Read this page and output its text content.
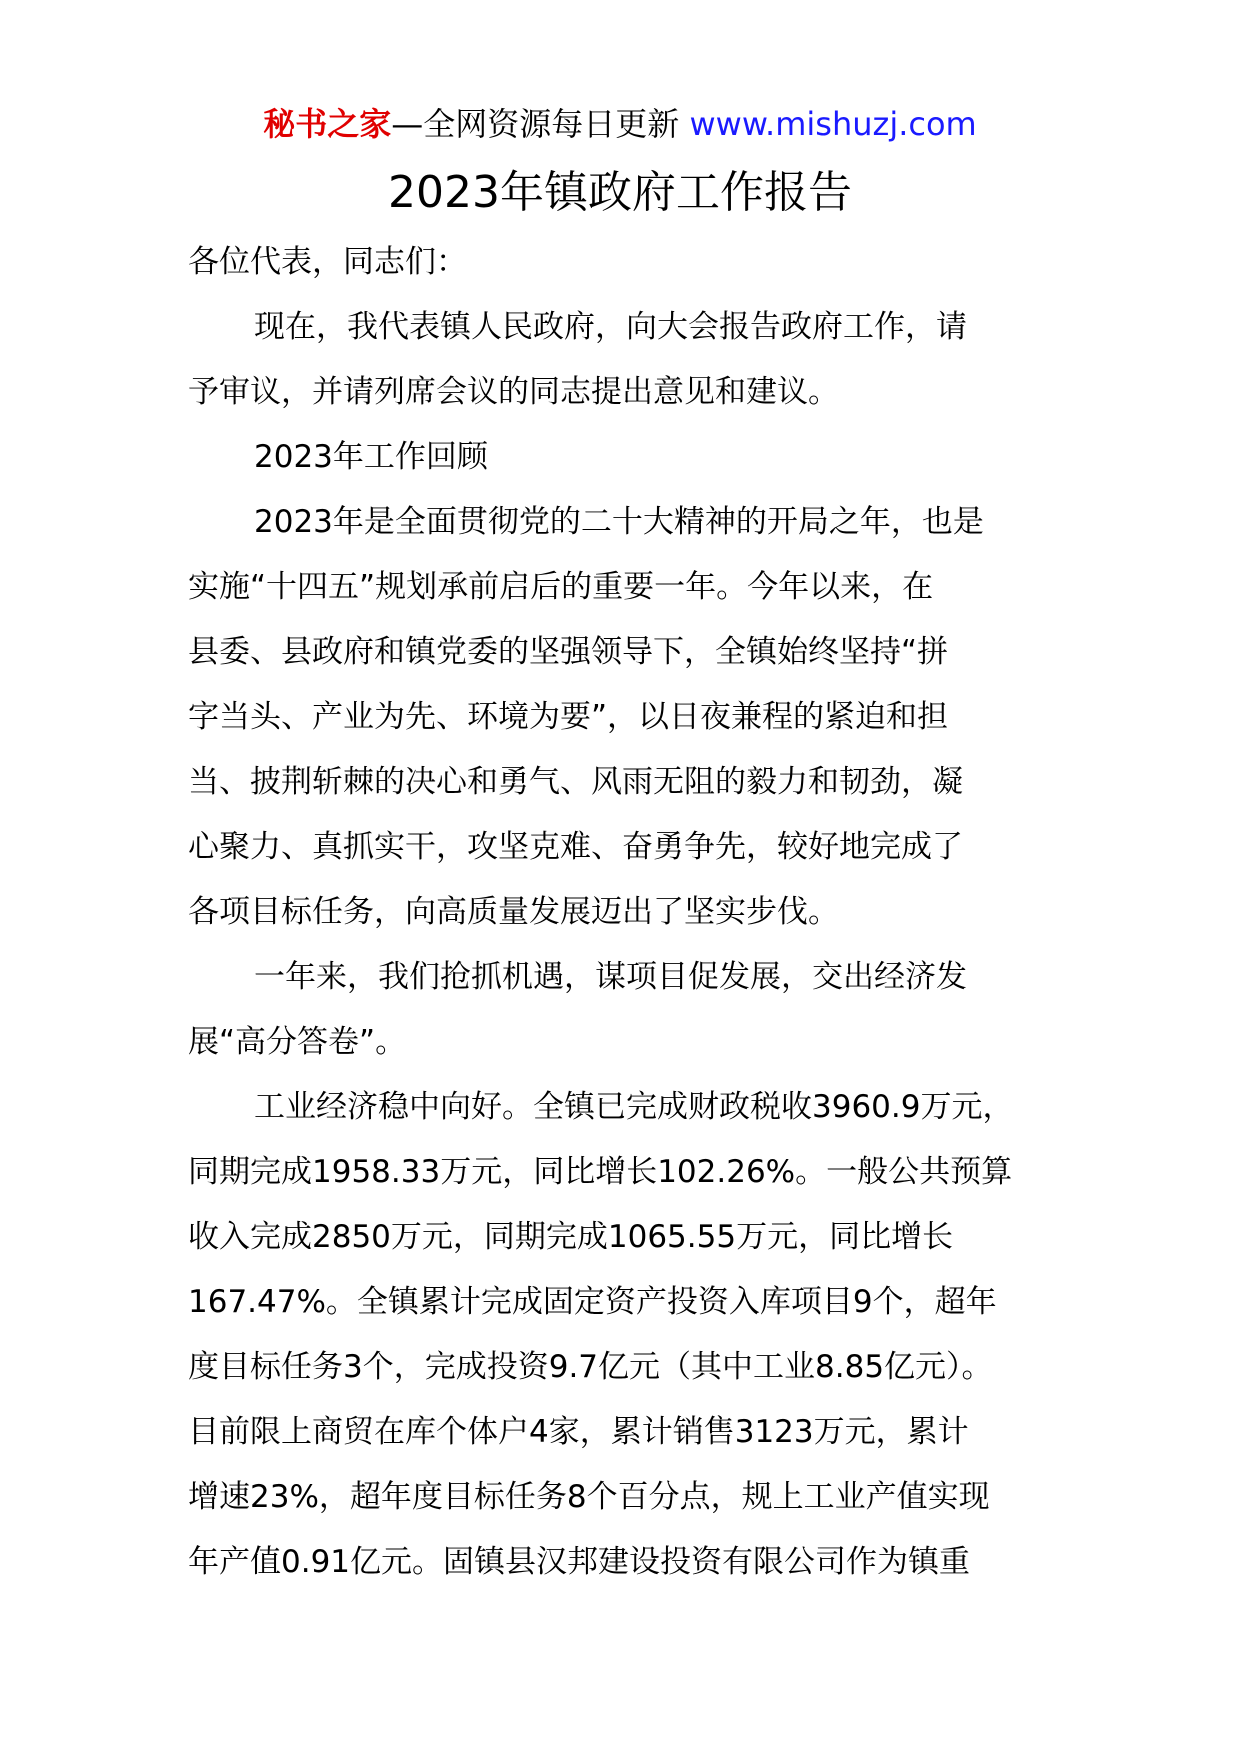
秘书之家—全网资源每日更新 www.mishuzj.com
2023年镇政府工作报告
各位代表，同志们：
现在，我代表镇人民政府，向大会报告政府工作，请
予审议，并请列席会议的同志提出意见和建议。
2023年工作回顾
2023年是全面贯彻党的二十大精神的开局之年，也是
实施“十四五”规划承前启后的重要一年。今年以来，在
县委、县政府和镇党委的坚强领导下，全镇始终坚持“拼
字当头、产业为先、环境为要”，以日夜兼程的紧迫和担
当、披荆斩棘的决心和勇气、风雨无阻的毅力和韧劲，凝
心聚力、真抓实干，攻坚克难、奋勇争先，较好地完成了
各项目标任务，向高质量发展迈出了坚实步伐。
一年来，我们抢抓机遇，谋项目促发展，交出经济发
展“高分答卷”。
工业经济稳中向好。全镇已完成财政税收3960.9万元，
同期完成1958.33万元，同比增长102.26%。一般公共预算
收入完成2850万元，同期完成1065.55万元，同比增长
167.47%。全镇累计完成固定资产投资入库项目9个，超年
度目标任务3个，完成投资9.7亿元（其中工业8.85亿元）。
目前限上商贸在库个体户4家，累计销售3123万元，累计
增速23%，超年度目标任务8个百分点，规上工业产值实现
年产值0.91亿元。固镇县汉邦建设投资有限公司作为镇重
